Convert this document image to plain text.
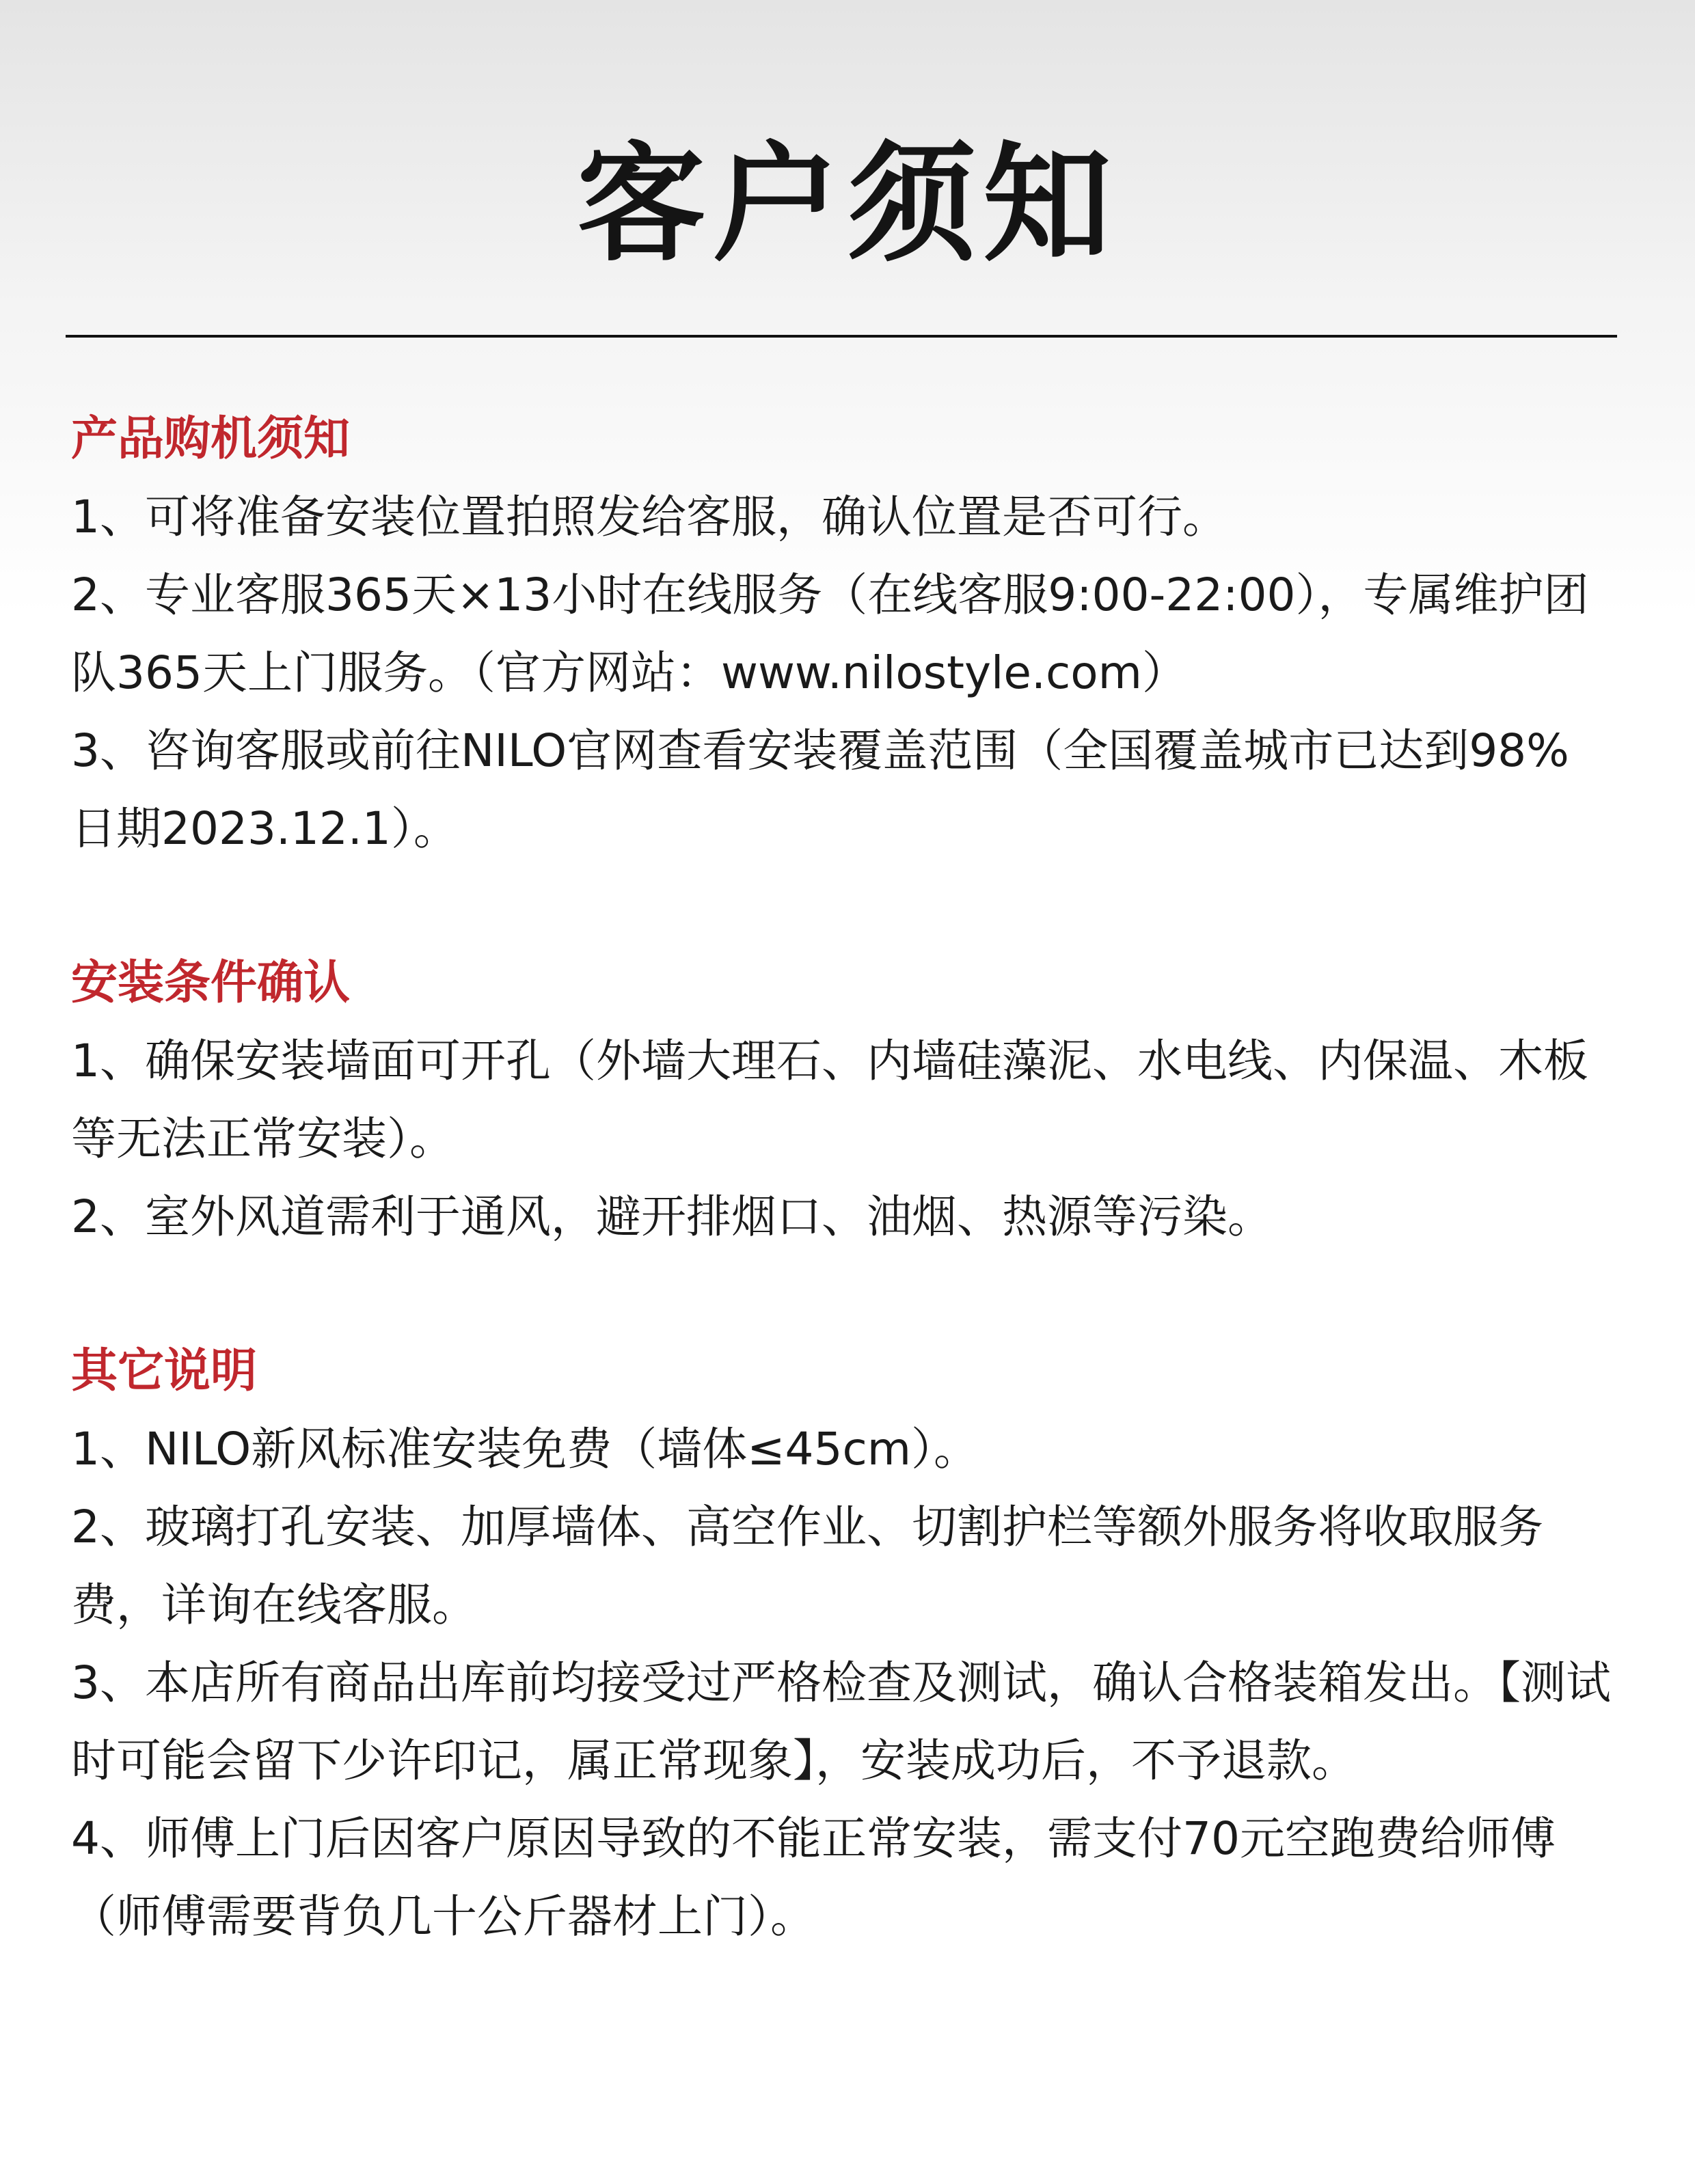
客户须知
产品购机须知
1、可将准备安装位置拍照发给客服，确认位置是否可行。
2、专业客服365天×13小时在线服务（在线客服9:00-22:00），专属维护团队365天上门服务。（官方网站：www.nilostyle.com）
3、咨询客服或前往NILO官网查看安装覆盖范围（全国覆盖城市已达到98% 日期2023.12.1）。
安装条件确认
1、确保安装墙面可开孔（外墙大理石、内墙硅藻泥、水电线、内保温、木板等无法正常安装）。
2、室外风道需利于通风，避开排烟口、油烟、热源等污染。
其它说明
1、NILO新风标准安装免费（墙体≤45cm）。
2、玻璃打孔安装、加厚墙体、高空作业、切割护栏等额外服务将收取服务费，详询在线客服。
3、本店所有商品出库前均接受过严格检查及测试，确认合格装箱发出。【测试时可能会留下少许印记，属正常现象】，安装成功后，不予退款。
4、师傅上门后因客户原因导致的不能正常安装，需支付70元空跑费给师傅（师傅需要背负几十公斤器材上门）。
